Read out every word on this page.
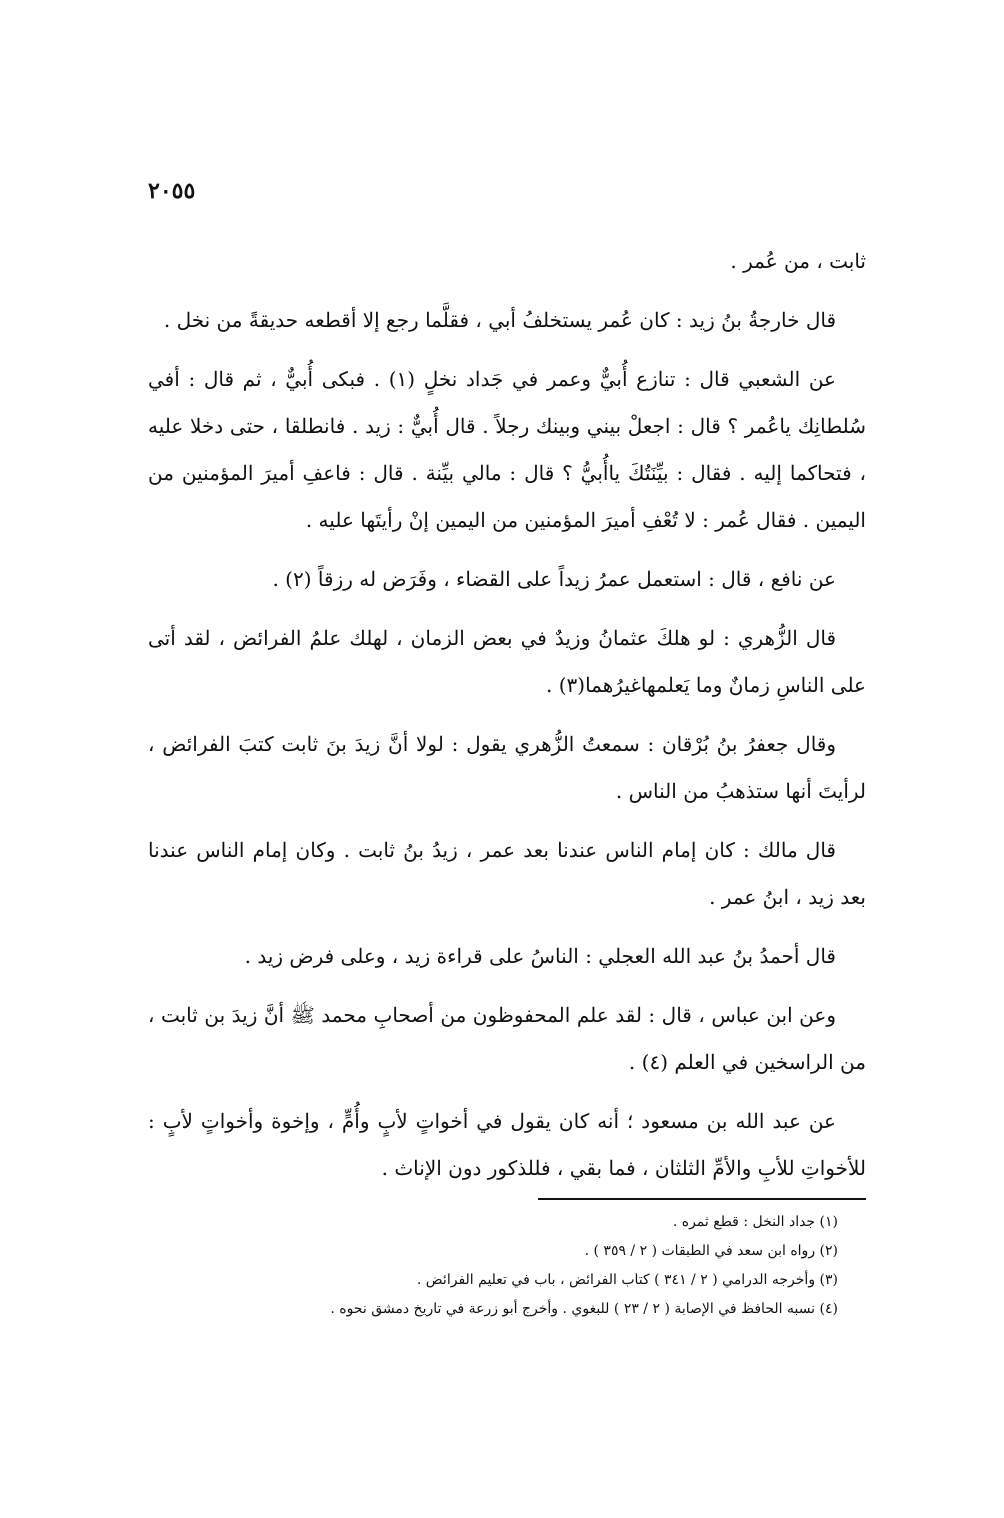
٢٠٥٥

ثابت ، من عُمر .

قال خارجةُ بنُ زيد : كان عُمر يستخلفُ أبي ، فقلَّما رجع إلا أقطعه حديقةً من نخل .

عن الشعبي قال : تنازع أُبيٌّ وعمر في جَداد نخلٍ (١) . فبكى أُبيٌّ ، ثم قال : أفي سُلطانِك ياعُمر ؟ قال : اجعلْ بيني وبينك رجلاً . قال أُبيٌّ : زيد . فانطلقا ، حتى دخلا عليه ، فتحاكما إليه . فقال : بيِّنَتُكَ ياأُبيُّ ؟ قال : مالي بيِّنة . قال : فاعفِ أميرَ المؤمنين من اليمين . فقال عُمر : لا تُعْفِ أميرَ المؤمنين من اليمين إنْ رأيتَها عليه .

عن نافع ، قال : استعمل عمرُ زيداً على القضاء ، وفَرَض له رزقاً (٢) .

قال الزُّهري : لو هلكَ عثمانُ وزيدٌ في بعض الزمان ، لهلك علمُ الفرائض ، لقد أتى على الناسِ زمانٌ وما يَعلمهاغيرُهما(٣) .

وقال جعفرُ بنُ بُرْقان : سمعتُ الزُّهري يقول : لولا أنَّ زيدَ بنَ ثابت كتبَ الفرائض ، لرأيتَ أنها ستذهبُ من الناس .

قال مالك : كان إمام الناس عندنا بعد عمر ، زيدُ بنُ ثابت . وكان إمام الناس عندنا بعد زيد ، ابنُ عمر .

قال أحمدُ بنُ عبد الله العجلي : الناسُ على قراءة زيد ، وعلى فرض زيد .

وعن ابن عباس ، قال : لقد علم المحفوظون من أصحابِ محمد ﷺ أنَّ زيدَ بن ثابت ، من الراسخين في العلم (٤) .

عن عبد الله بن مسعود ؛ أنه كان يقول في أخواتٍ لأبٍ وأُمٍّ ، وإخوة وأخواتٍ لأبٍ : للأخواتِ للأبِ والأمِّ الثلثان ، فما بقي ، فللذكور دون الإناث .

(١) جداد النخل : قطع ثمره .

(٢) رواه ابن سعد في الطبقات ( ٢ / ٣٥٩ ) .

(٣) وأخرجه الدرامي ( ٢ / ٣٤١ ) كتاب الفرائض ، باب في تعليم الفرائض .

(٤) نسبه الحافظ في الإصابة ( ٢ / ٢٣ ) للبغوي . وأخرج أبو زرعة في تاريخ دمشق نحوه .
